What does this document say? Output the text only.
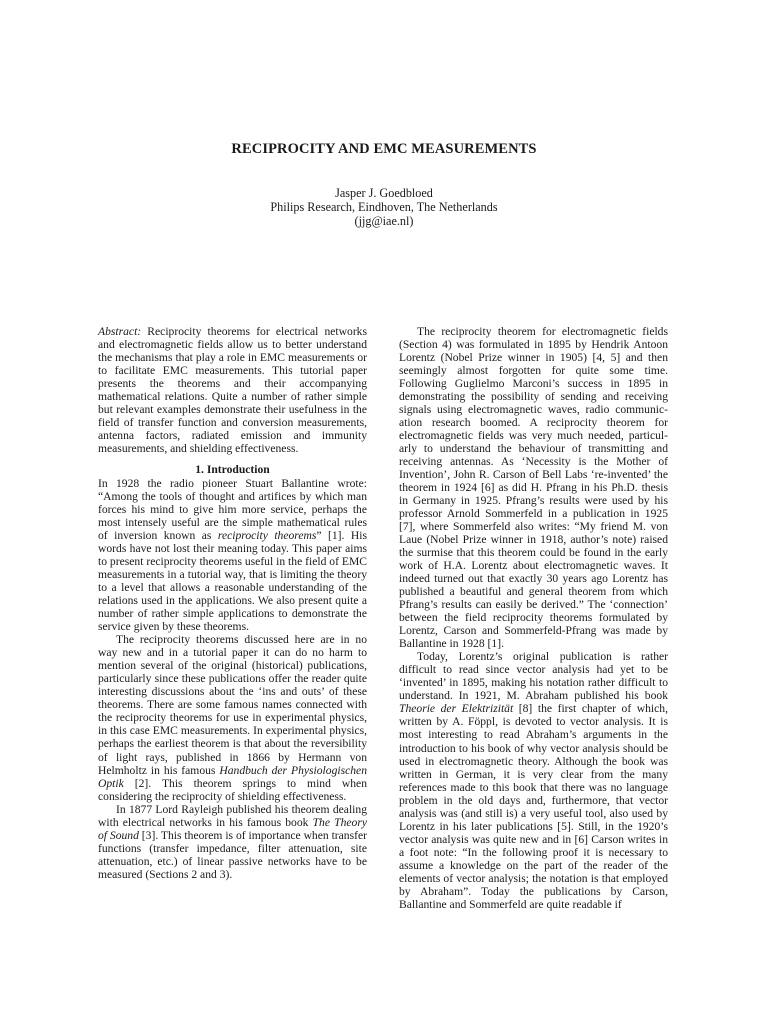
RECIPROCITY AND EMC MEASUREMENTS
Jasper J. Goedbloed
Philips Research, Eindhoven, The Netherlands
(jjg@iae.nl)

Abstract: Reciprocity theorems for electrical networks and electromagnetic fields allow us to better understand the mechanisms that play a role in EMC measurements or to facilitate EMC measurements. This tutorial paper presents the theorems and their accompanying mathematical relations. Quite a number of rather simple but relevant examples demonstrate their usefulness in the field of transfer function and conversion measurements, antenna factors, radiated emission and immunity measurements, and shielding effectiveness.

1. Introduction

In 1928 the radio pioneer Stuart Ballantine wrote: “Among the tools of thought and artifices by which man forces his mind to give him more service, perhaps the most intensely useful are the simple mathematical rules of inversion known as reciprocity theorems” [1]. His words have not lost their meaning today. This paper aims to present reciprocity theorems useful in the field of EMC measurements in a tutorial way, that is limiting the theory to a level that allows a reasonable understanding of the relations used in the applications. We also present quite a number of rather simple applications to demonstrate the service given by these theorems.

The reciprocity theorems discussed here are in no way new and in a tutorial paper it can do no harm to mention several of the original (historical) publications, particularly since these publications offer the reader quite interesting discussions about the ‘ins and outs’ of these theorems. There are some famous names connected with the reciprocity theorems for use in experimental physics, in this case EMC measurements. In experimental physics, perhaps the earliest theorem is that about the reversibility of light rays, published in 1866 by Hermann von Helmholtz in his famous Handbuch der Physiologischen Optik [2]. This theorem springs to mind when considering the reciprocity of shielding effectiveness.

In 1877 Lord Rayleigh published his theorem dealing with electrical networks in his famous book The Theory of Sound [3]. This theorem is of importance when transfer functions (transfer impedance, filter attenuation, site attenuation, etc.) of linear passive networks have to be measured (Sections 2 and 3).

The reciprocity theorem for electromagnetic fields (Section 4) was formulated in 1895 by Hendrik Antoon Lorentz (Nobel Prize winner in 1905) [4, 5] and then seemingly almost forgotten for quite some time. Following Guglielmo Marconi’s success in 1895 in demonstrating the possibility of sending and receiving signals using electromagnetic waves, radio communic-ation research boomed. A reciprocity theorem for electromagnetic fields was very much needed, particul-arly to understand the behaviour of transmitting and receiving antennas. As ‘Necessity is the Mother of Invention’, John R. Carson of Bell Labs ‘re-invented’ the theorem in 1924 [6] as did H. Pfrang in his Ph.D. thesis in Germany in 1925. Pfrang’s results were used by his professor Arnold Sommerfeld in a publication in 1925 [7], where Sommerfeld also writes: “My friend M. von Laue (Nobel Prize winner in 1918, author’s note) raised the surmise that this theorem could be found in the early work of H.A. Lorentz about electromagnetic waves. It indeed turned out that exactly 30 years ago Lorentz has published a beautiful and general theorem from which Pfrang’s results can easily be derived.” The ‘connection’ between the field reciprocity theorems formulated by Lorentz, Carson and Sommerfeld-Pfrang was made by Ballantine in 1928 [1].

Today, Lorentz’s original publication is rather difficult to read since vector analysis had yet to be ‘invented’ in 1895, making his notation rather difficult to understand. In 1921, M. Abraham published his book Theorie der Elektrizität [8] the first chapter of which, written by A. Föppl, is devoted to vector analysis. It is most interesting to read Abraham’s arguments in the introduction to his book of why vector analysis should be used in electromagnetic theory. Although the book was written in German, it is very clear from the many references made to this book that there was no language problem in the old days and, furthermore, that vector analysis was (and still is) a very useful tool, also used by Lorentz in his later publications [5]. Still, in the 1920’s vector analysis was quite new and in [6] Carson writes in a foot note: “In the following proof it is necessary to assume a knowledge on the part of the reader of the elements of vector analysis; the notation is that employed by Abraham”. Today the publications by Carson, Ballantine and Sommerfeld are quite readable if
